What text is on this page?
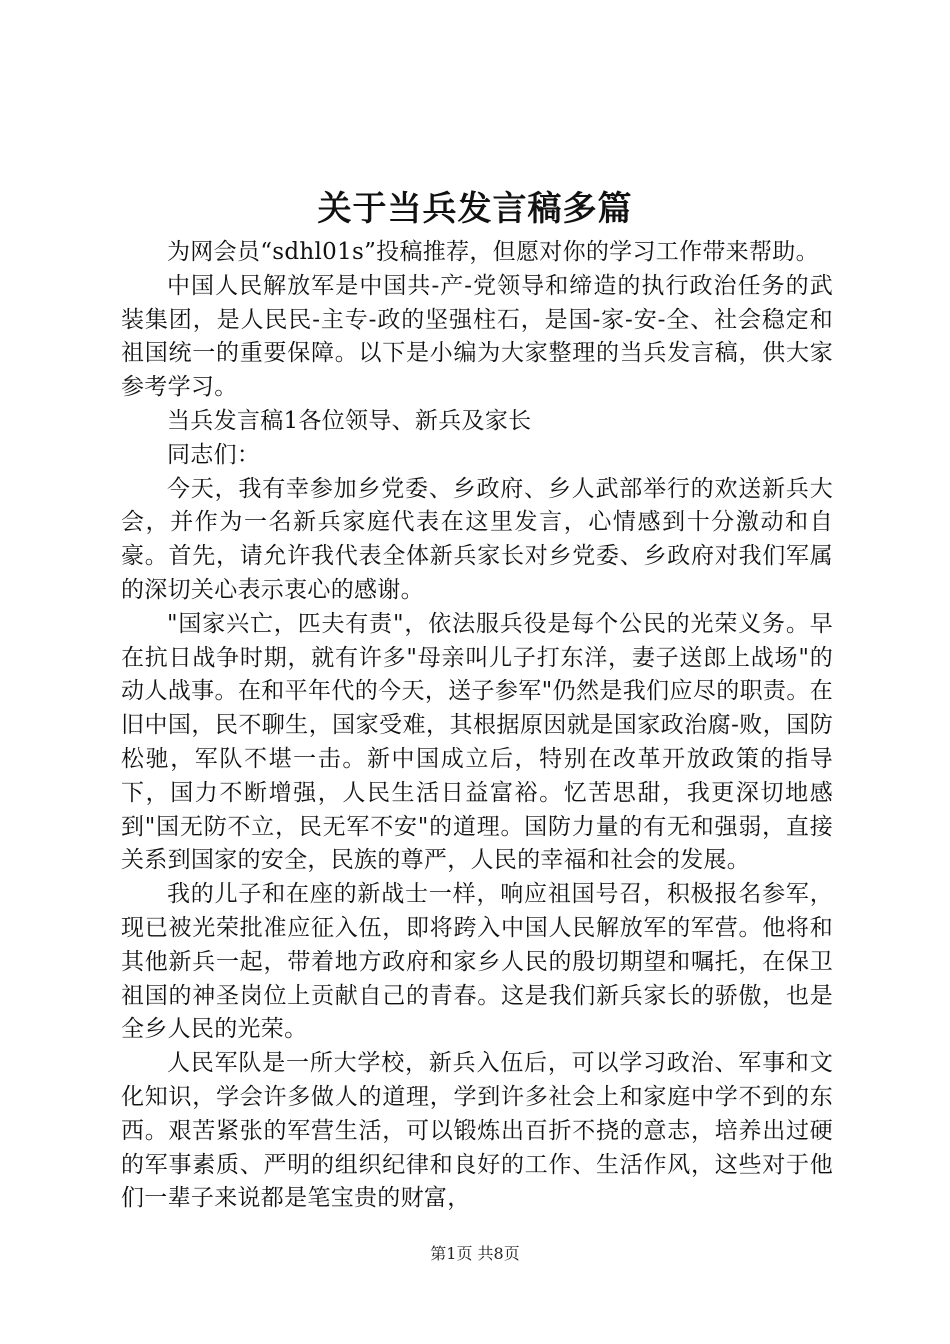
关于当兵发言稿多篇

为网会员“sdhl01s”投稿推荐，但愿对你的学习工作带来帮助。

中国人民解放军是中国共-产-党领导和缔造的执行政治任务的武装集团，是人民民-主专-政的坚强柱石，是国-家-安-全、社会稳定和祖国统一的重要保障。以下是小编为大家整理的当兵发言稿，供大家参考学习。

当兵发言稿1各位领导、新兵及家长

同志们：

今天，我有幸参加乡党委、乡政府、乡人武部举行的欢送新兵大会，并作为一名新兵家庭代表在这里发言，心情感到十分激动和自豪。首先，请允许我代表全体新兵家长对乡党委、乡政府对我们军属的深切关心表示衷心的感谢。

"国家兴亡，匹夫有责"，依法服兵役是每个公民的光荣义务。早在抗日战争时期，就有许多"母亲叫儿子打东洋，妻子送郎上战场"的动人战事。在和平年代的今天，送子参军"仍然是我们应尽的职责。在旧中国，民不聊生，国家受难，其根据原因就是国家政治腐-败，国防松驰，军队不堪一击。新中国成立后，特别在改革开放政策的指导下，国力不断增强，人民生活日益富裕。忆苦思甜，我更深切地感到"国无防不立，民无军不安"的道理。国防力量的有无和强弱，直接关系到国家的安全，民族的尊严，人民的幸福和社会的发展。

我的儿子和在座的新战士一样，响应祖国号召，积极报名参军，现已被光荣批准应征入伍，即将跨入中国人民解放军的军营。他将和其他新兵一起，带着地方政府和家乡人民的殷切期望和嘱托，在保卫祖国的神圣岗位上贡献自己的青春。这是我们新兵家长的骄傲，也是全乡人民的光荣。

人民军队是一所大学校，新兵入伍后，可以学习政治、军事和文化知识，学会许多做人的道理，学到许多社会上和家庭中学不到的东西。艰苦紧张的军营生活，可以锻炼出百折不挠的意志，培养出过硬的军事素质、严明的组织纪律和良好的工作、生活作风，这些对于他们一辈子来说都是笔宝贵的财富，

第1页 共8页
